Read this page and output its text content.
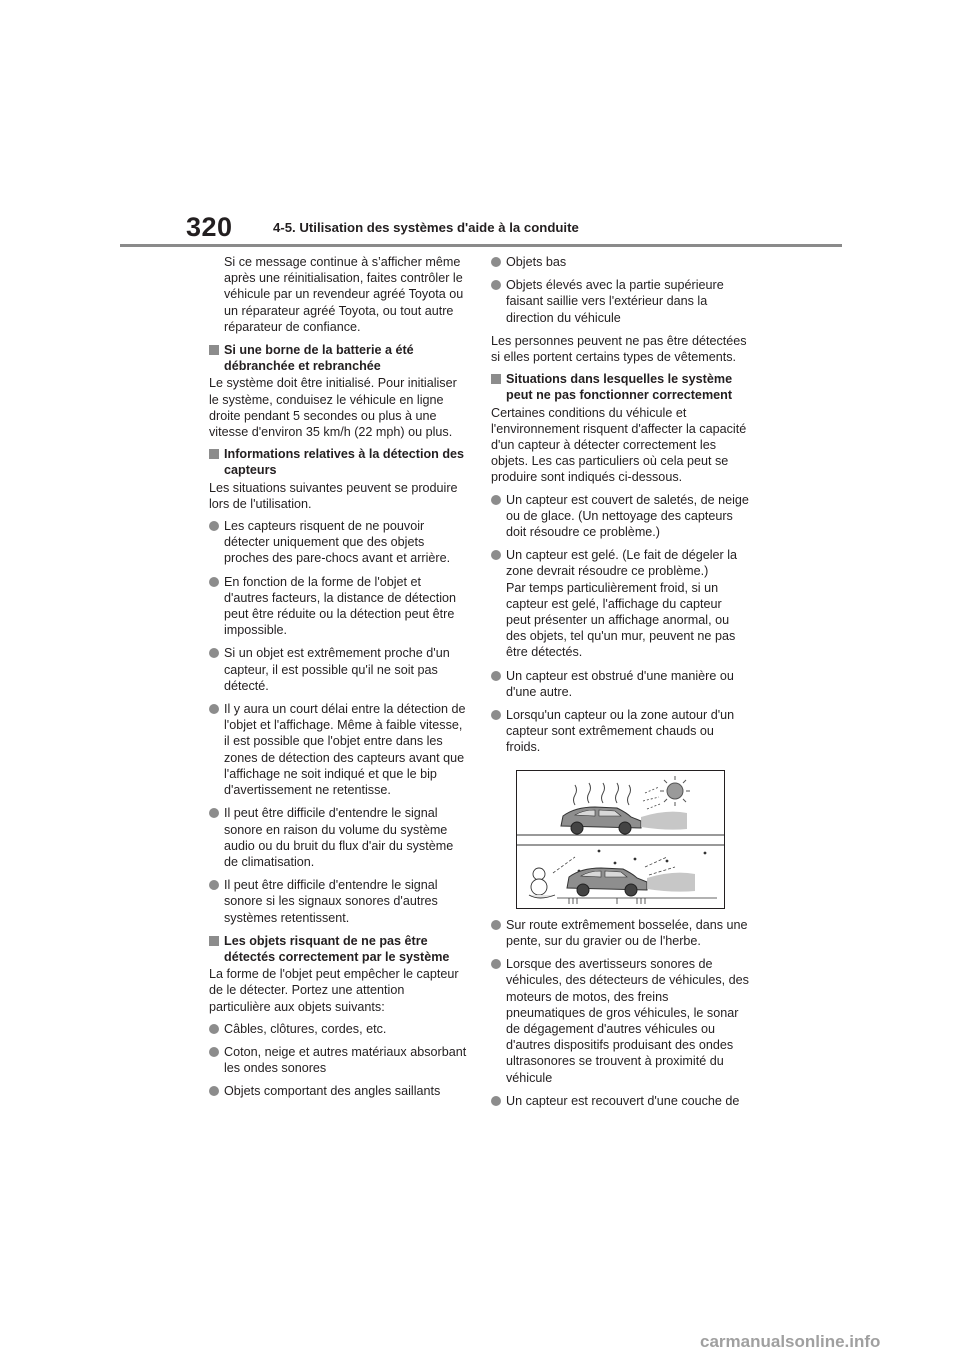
320	4-5. Utilisation des systèmes d'aide à la conduite

Si ce message continue à s’afficher même après une réinitialisation, faites contrôler le véhicule par un revendeur agréé Toyota ou un réparateur agréé Toyota, ou tout autre réparateur de confiance.

Si une borne de la batterie a été débranchée et rebranchée

Le système doit être initialisé. Pour initialiser le système, conduisez le véhicule en ligne droite pendant 5 secondes ou plus à une vitesse d'environ 35 km/h (22 mph) ou plus.

Informations relatives à la détection des capteurs

Les situations suivantes peuvent se produire lors de l'utilisation.

Les capteurs risquent de ne pouvoir détecter uniquement que des objets proches des pare-chocs avant et arrière.

En fonction de la forme de l'objet et d'autres facteurs, la distance de détection peut être réduite ou la détection peut être impossible.

Si un objet est extrêmement proche d'un capteur, il est possible qu'il ne soit pas détecté.

Il y aura un court délai entre la détection de l'objet et l'affichage. Même à faible vitesse, il est possible que l'objet entre dans les zones de détection des capteurs avant que l'affichage ne soit indiqué et que le bip d'avertissement ne retentisse.

Il peut être difficile d'entendre le signal sonore en raison du volume du système audio ou du bruit du flux d'air du système de climatisation.

Il peut être difficile d'entendre le signal sonore si les signaux sonores d'autres systèmes retentissent.

Les objets risquant de ne pas être détectés correctement par le système

La forme de l'objet peut empêcher le capteur de le détecter. Portez une attention particulière aux objets suivants:

Câbles, clôtures, cordes, etc.

Coton, neige et autres matériaux absorbant les ondes sonores

Objets comportant des angles saillants

Objets bas

Objets élevés avec la partie supérieure faisant saillie vers l'extérieur dans la direction du véhicule

Les personnes peuvent ne pas être détectées si elles portent certains types de vêtements.

Situations dans lesquelles le système peut ne pas fonctionner correctement

Certaines conditions du véhicule et l'environnement risquent d'affecter la capacité d'un capteur à détecter correctement les objets. Les cas particuliers où cela peut se produire sont indiqués ci-dessous.

Un capteur est couvert de saletés, de neige ou de glace. (Un nettoyage des capteurs doit résoudre ce problème.)

Un capteur est gelé. (Le fait de dégeler la zone devrait résoudre ce problème.)
Par temps particulièrement froid, si un capteur est gelé, l'affichage du capteur peut présenter un affichage anormal, ou des objets, tel qu'un mur, peuvent ne pas être détectés.

Un capteur est obstrué d'une manière ou d'une autre.

Lorsqu'un capteur ou la zone autour d'un capteur sont extrêmement chauds ou froids.

Sur route extrêmement bosselée, dans une pente, sur du gravier ou de l'herbe.

Lorsque des avertisseurs sonores de véhicules, des détecteurs de véhicules, des moteurs de motos, des freins pneumatiques de gros véhicules, le sonar de dégagement d'autres véhicules ou d'autres dispositifs produisant des ondes ultrasonores se trouvent à proximité du véhicule

Un capteur est recouvert d'une couche de

carmanualsonline.info
